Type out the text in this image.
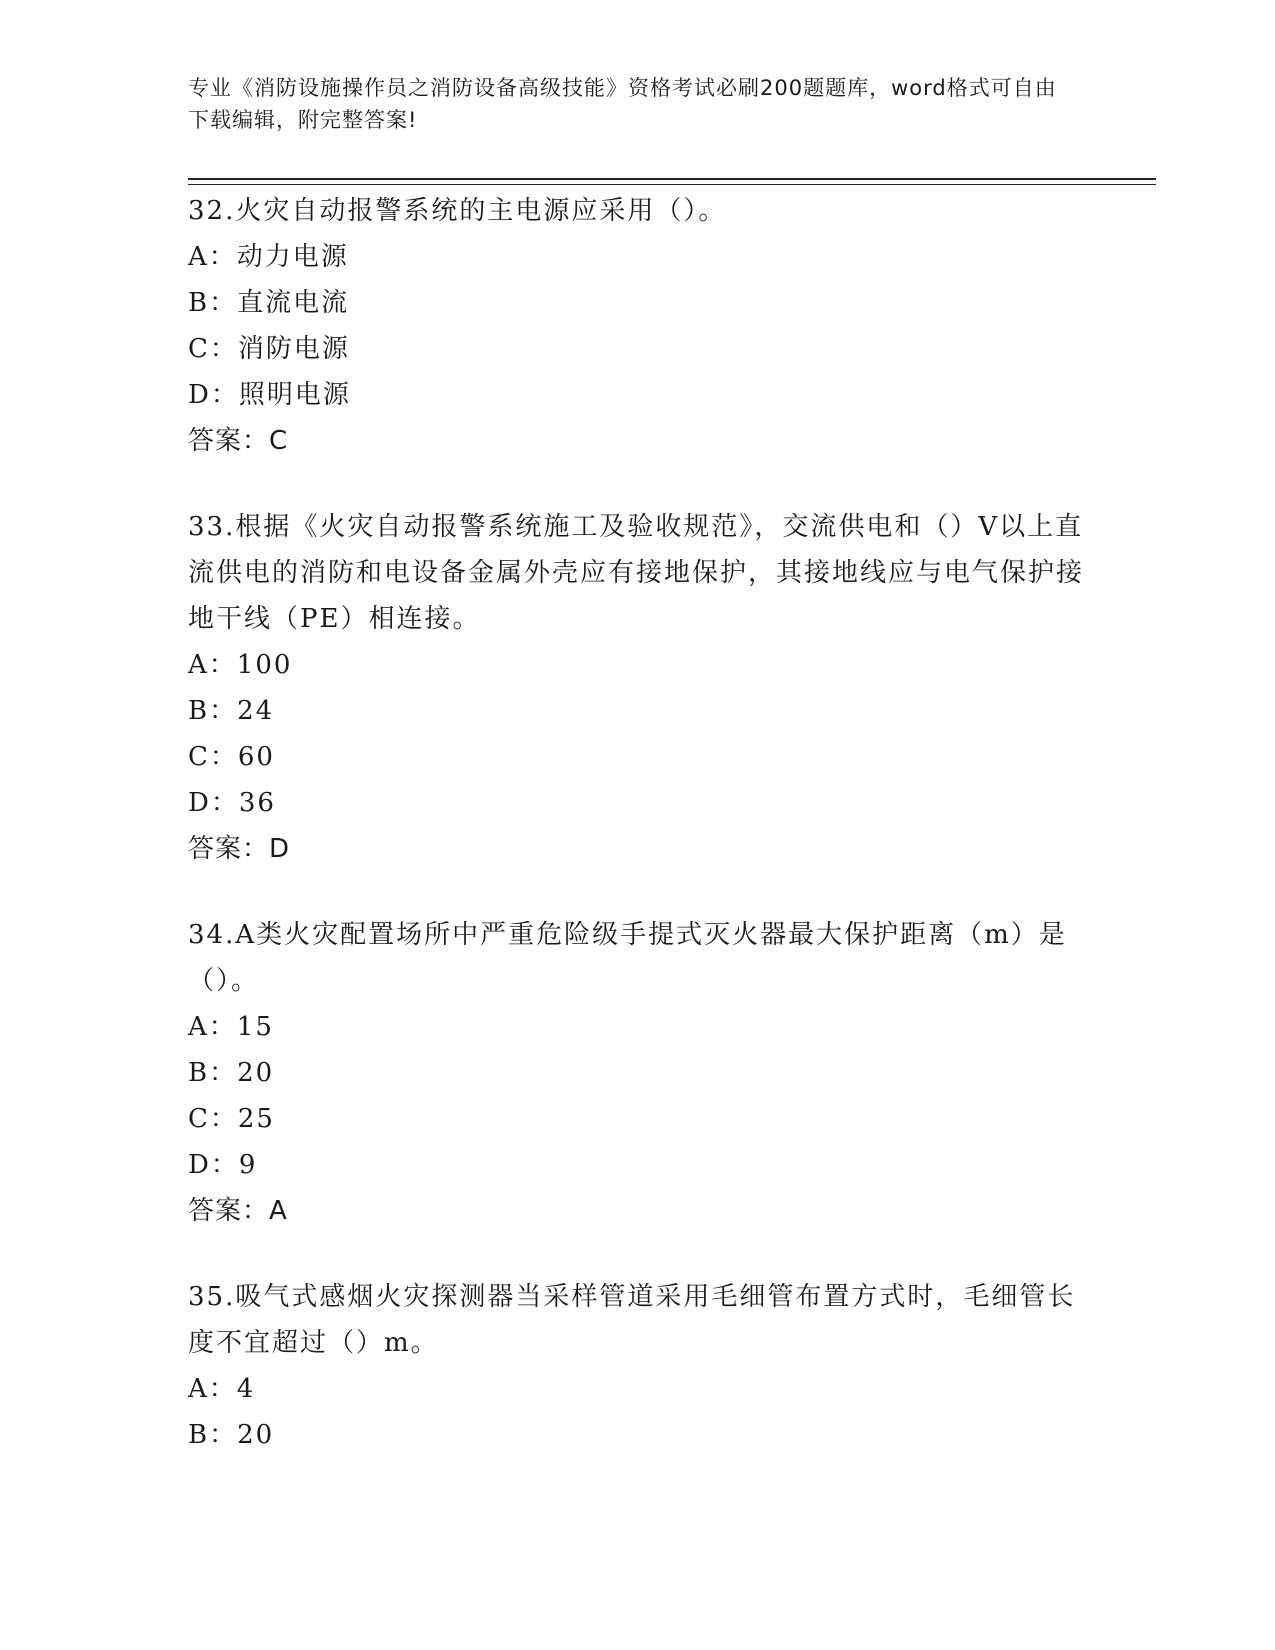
专业《消防设施操作员之消防设备高级技能》资格考试必刷200题题库，word格式可自由下载编辑，附完整答案!

32.火灾自动报警系统的主电源应采用（）。

A：动力电源

B：直流电流

C：消防电源

D：照明电源

答案：C

33.根据《火灾自动报警系统施工及验收规范》，交流供电和（）V以上直流供电的消防和电设备金属外壳应有接地保护，其接地线应与电气保护接地干线（PE）相连接。

A：100

B：24

C：60

D：36

答案：D

34.A类火灾配置场所中严重危险级手提式灭火器最大保护距离（m）是（）。

A：15

B：20

C：25

D：9

答案：A

35.吸气式感烟火灾探测器当采样管道采用毛细管布置方式时，毛细管长度不宜超过（）m。

A：4

B：20
